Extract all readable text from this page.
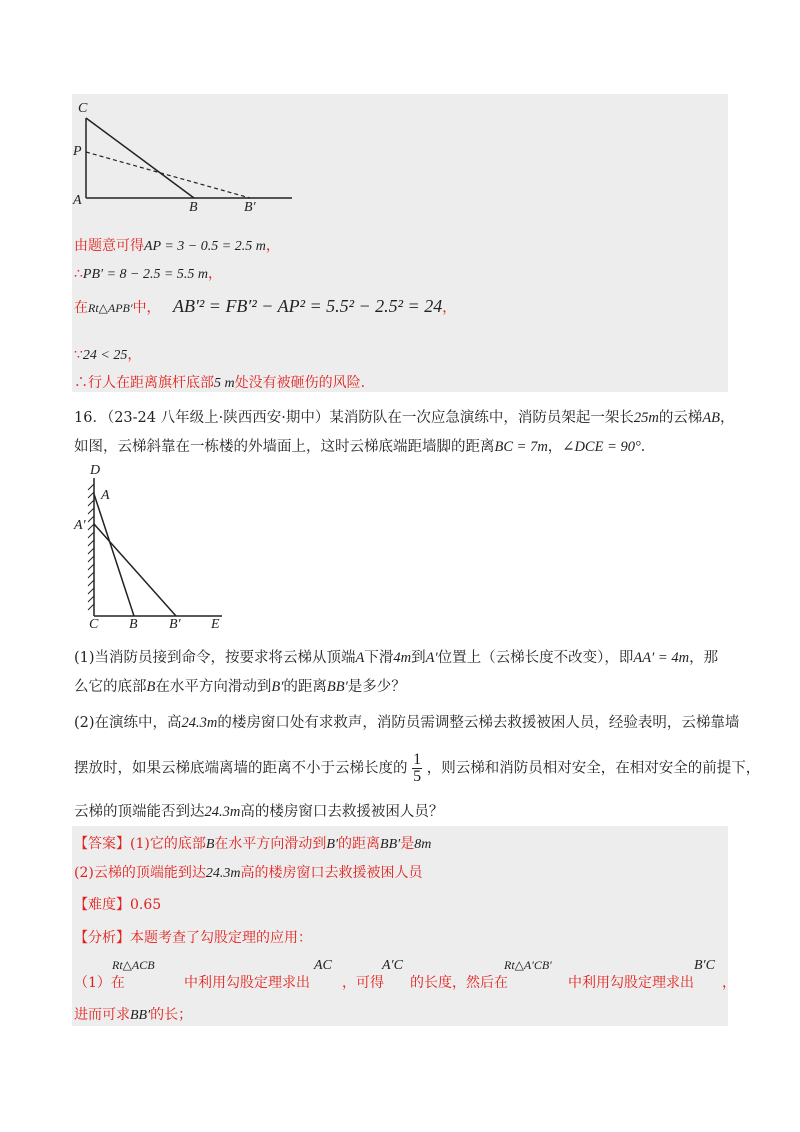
C
P
A	B	B′
由题意可得AP = 3 − 0.5 = 2.5 m，
∴PB′ = 8 − 2.5 = 5.5 m，
在Rt△APB′中， AB′² = FB′² − AP² = 5.5² − 2.5² = 24，
∵24 < 25，
∴行人在距离旗杆底部5 m处没有被砸伤的风险.
16．（23-24 八年级上·陕西西安·期中）某消防队在一次应急演练中，消防员架起一架长25m的云梯AB，
如图，云梯斜靠在一栋楼的外墙面上，这时云梯底端距墙脚的距离BC = 7m，∠DCE = 90°．
D
A
A′
C B B′ E
(1)当消防员接到命令，按要求将云梯从顶端A下滑4m到A′位置上（云梯长度不改变），即AA′ = 4m，那
么它的底部B在水平方向滑动到B′的距离BB′是多少？
(2)在演练中，高24.3m的楼房窗口处有求救声，消防员需调整云梯去救援被困人员，经验表明，云梯靠墙
摆放时，如果云梯底端离墙的距离不小于云梯长度的 $\frac{1}{5}$ ，则云梯和消防员相对安全，在相对安全的前提下，
云梯的顶端能否到达24.3m高的楼房窗口去救援被困人员？
【答案】(1)它的底部B在水平方向滑动到B′的距离BB′是8m
(2)云梯的顶端能到达24.3m高的楼房窗口去救援被困人员
【难度】0.65
【分析】本题考查了勾股定理的应用：
（1）在
Rt△ACB
中利用勾股定理求出
AC
，可得
A′C
的长度，然后在
Rt△A′CB′
中利用勾股定理求出
B′C
，
进而可求BB′的长；
